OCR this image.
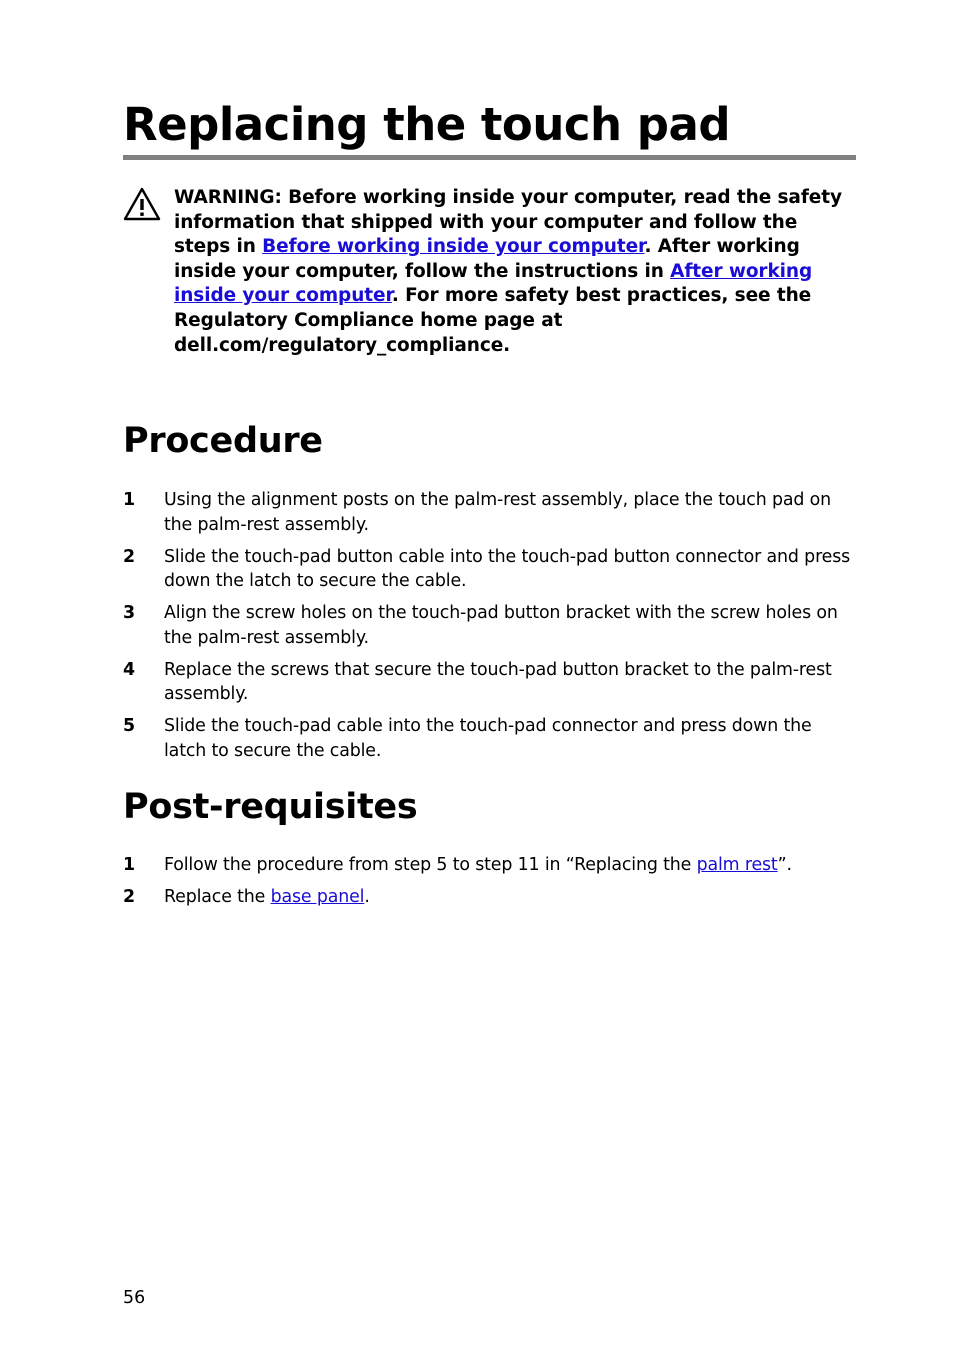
Replacing the touch pad
WARNING: Before working inside your computer, read the safety information that shipped with your computer and follow the steps in Before working inside your computer. After working inside your computer, follow the instructions in After working inside your computer. For more safety best practices, see the Regulatory Compliance home page at dell.com/regulatory_compliance.
Procedure
1 Using the alignment posts on the palm-rest assembly, place the touch pad on the palm-rest assembly.
2 Slide the touch-pad button cable into the touch-pad button connector and press down the latch to secure the cable.
3 Align the screw holes on the touch-pad button bracket with the screw holes on the palm-rest assembly.
4 Replace the screws that secure the touch-pad button bracket to the palm-rest assembly.
5 Slide the touch-pad cable into the touch-pad connector and press down the latch to secure the cable.
Post-requisites
1 Follow the procedure from step 5 to step 11 in “Replacing the palm rest”.
2 Replace the base panel.
56
